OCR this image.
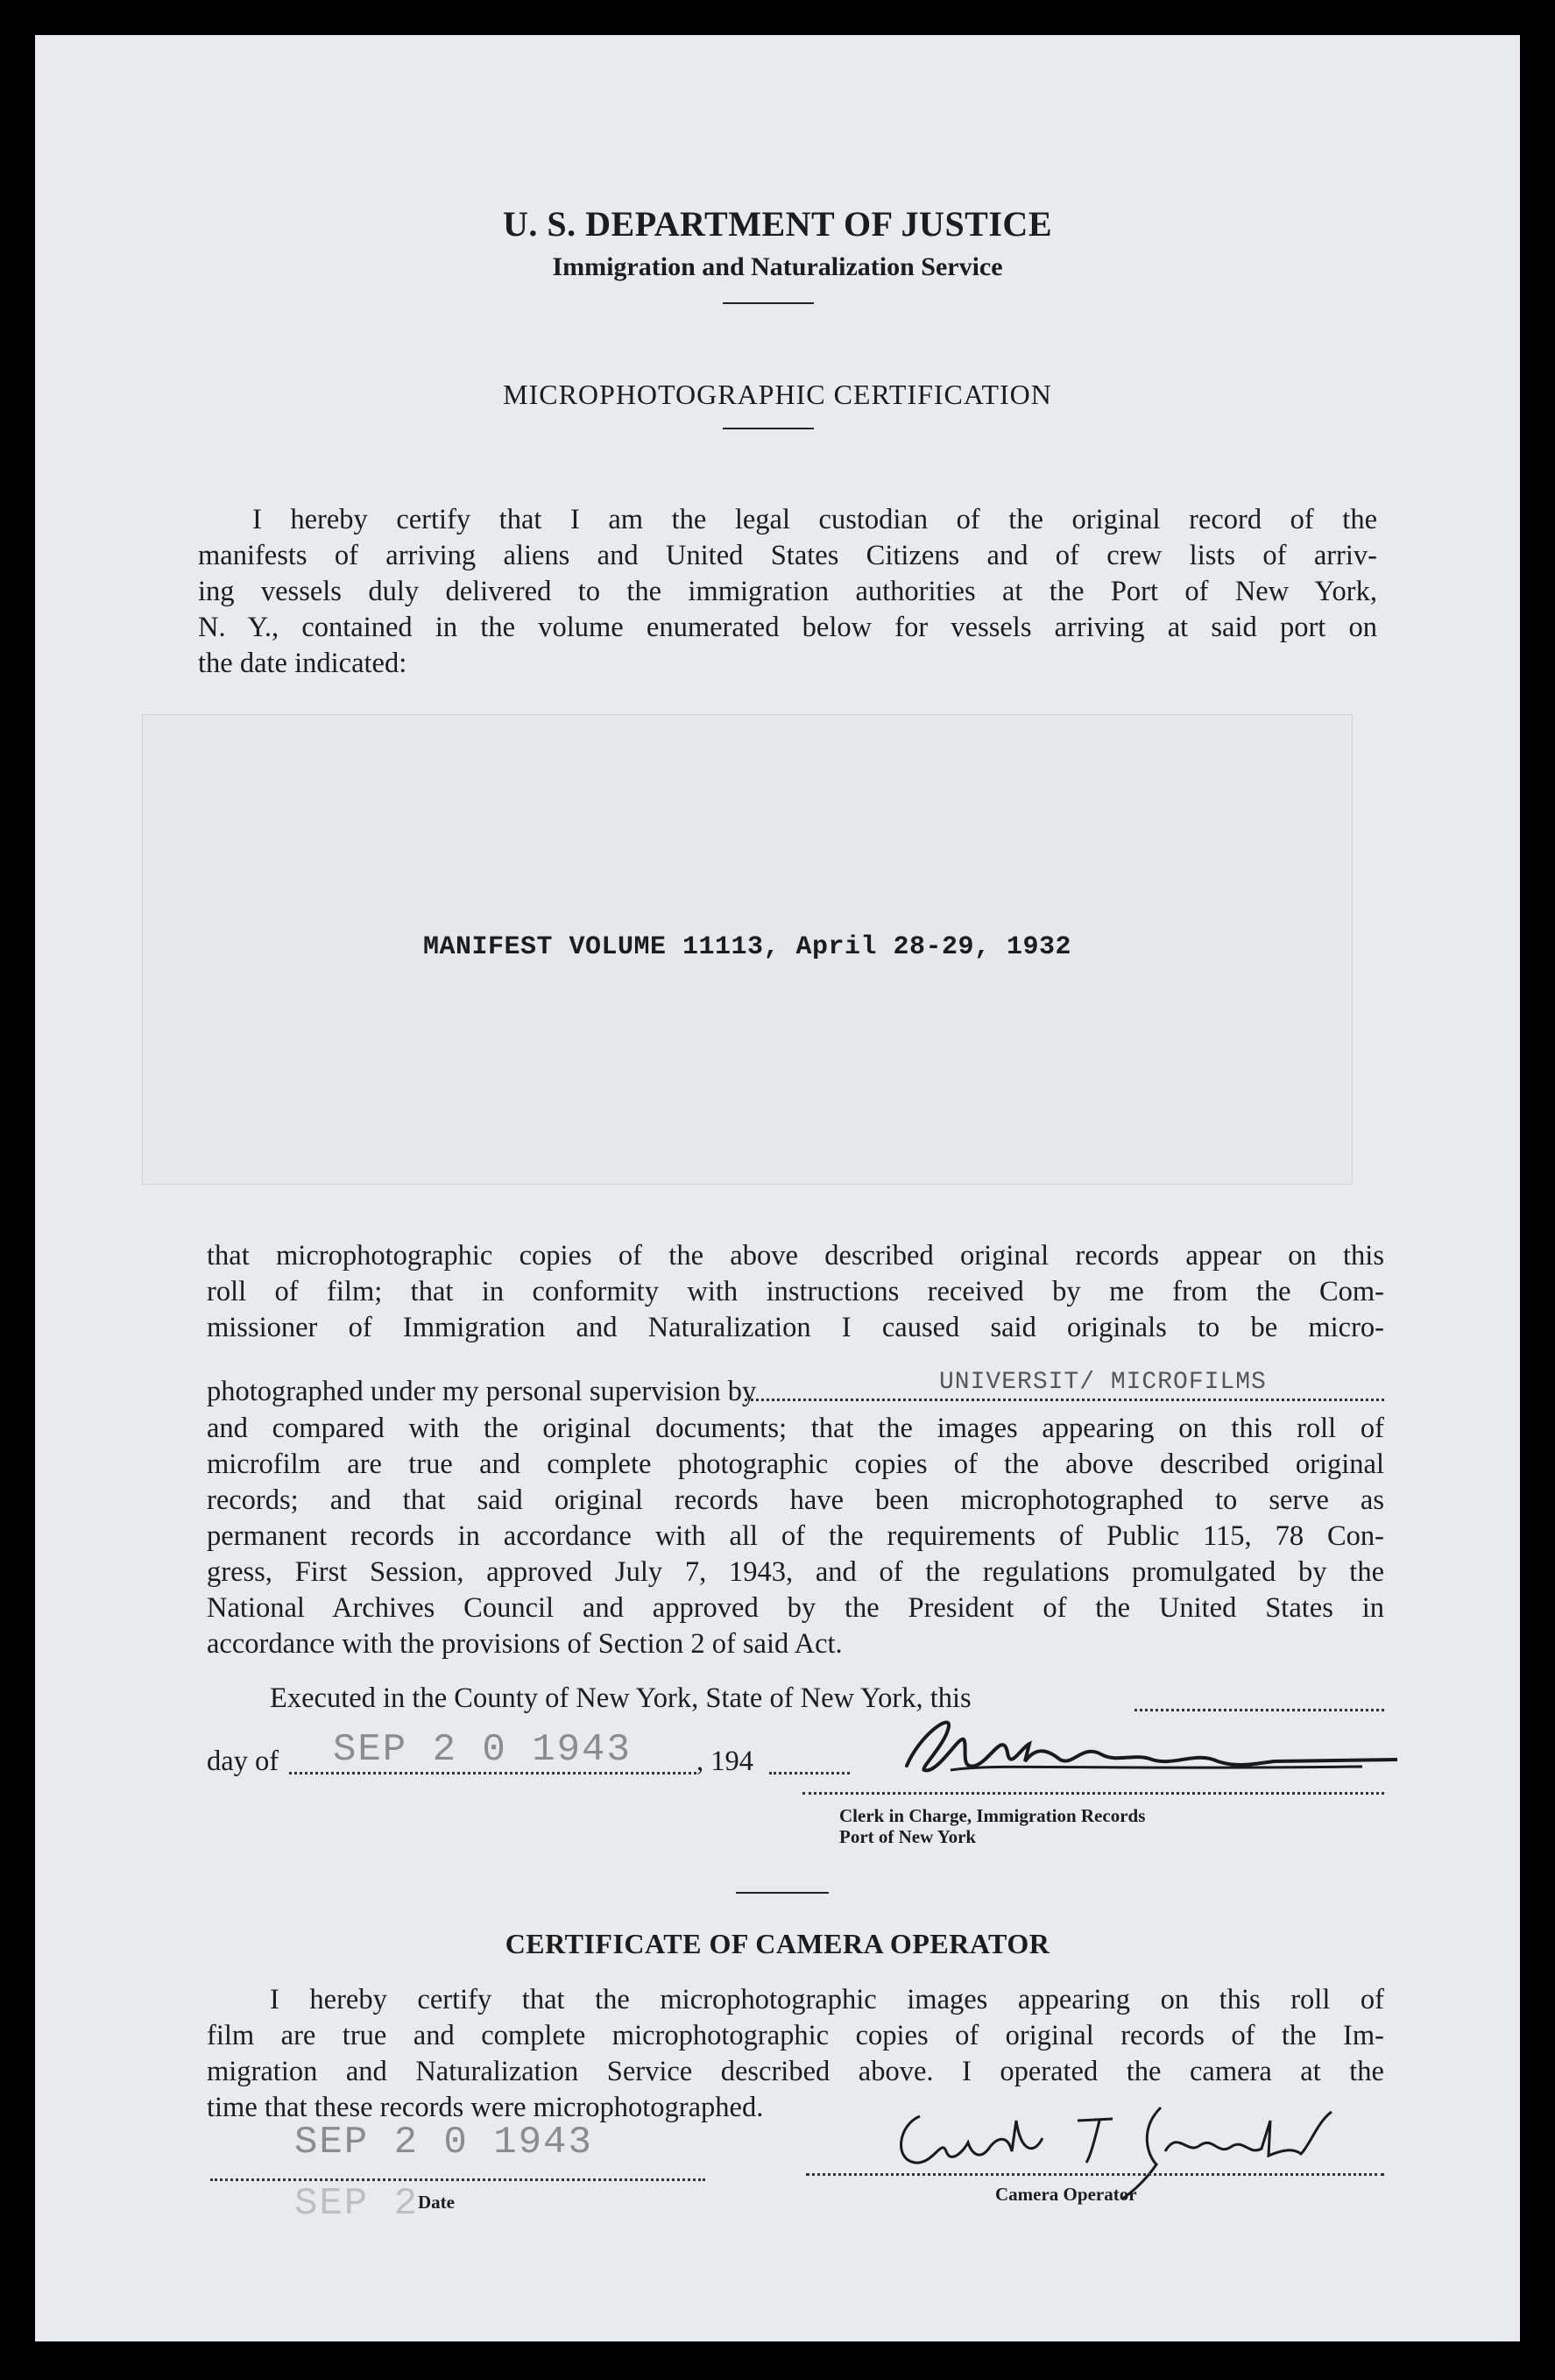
U. S. DEPARTMENT OF JUSTICE
Immigration and Naturalization Service
MICROPHOTOGRAPHIC CERTIFICATION
I hereby certify that I am the legal custodian of the original record of the
manifests of arriving aliens and United States Citizens and of crew lists of arriv-
ing vessels duly delivered to the immigration authorities at the Port of New York,
N. Y., contained in the volume enumerated below for vessels arriving at said port on
the date indicated:
MANIFEST VOLUME 11113, April 28-29, 1932
that microphotographic copies of the above described original records appear on this
roll of film; that in conformity with instructions received by me from the Com-
missioner of Immigration and Naturalization I caused said originals to be micro-
photographed under my personal supervision by	UNIVERSIT/ MICROFILMS
and compared with the original documents; that the images appearing on this roll of
microfilm are true and complete photographic copies of the above described original
records; and that said original records have been microphotographed to serve as
permanent records in accordance with all of the requirements of Public 115, 78 Con-
gress, First Session, approved July 7, 1943, and of the regulations promulgated by the
National Archives Council and approved by the President of the United States in
accordance with the provisions of Section 2 of said Act.
Executed in the County of New York, State of New York, this
day of SEP 2 0 1943 , 194
Clerk in Charge, Immigration Records
Port of New York
CERTIFICATE OF CAMERA OPERATOR
I hereby certify that the microphotographic images appearing on this roll of
film are true and complete microphotographic copies of original records of the Im-
migration and Naturalization Service described above. I operated the camera at the
time that these records were microphotographed.
SEP 2 0 1943
SEP 2
Date	Camera Operator
